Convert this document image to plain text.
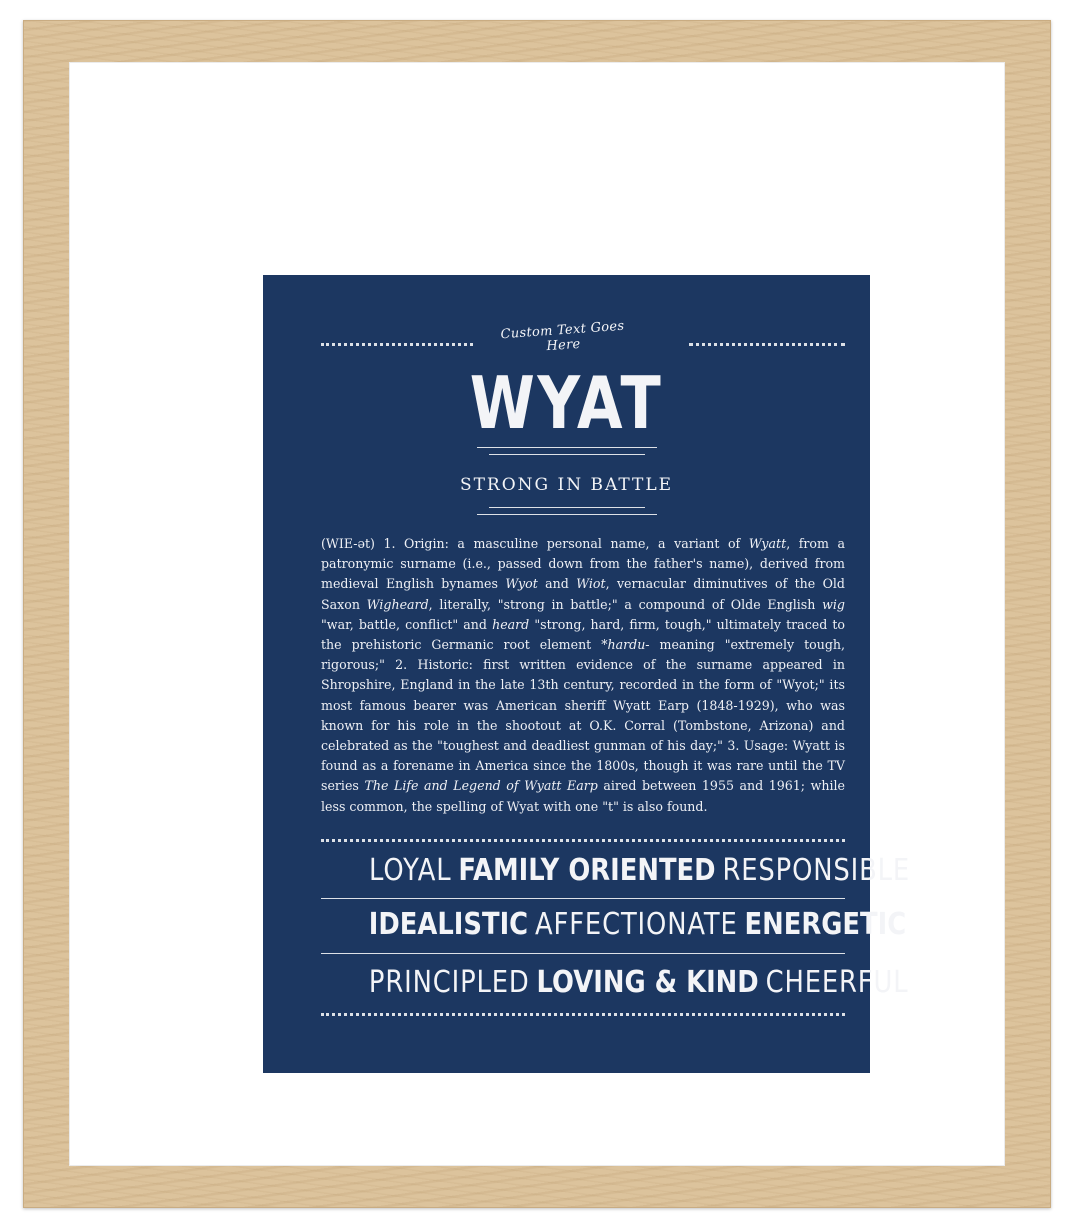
Custom Text Goes Here
WYAT
STRONG IN BATTLE
(WIE-ət) 1. Origin: a masculine personal name, a variant of Wyatt, from a patronymic surname (i.e., passed down from the father's name), derived from medieval English bynames Wyot and Wiot, vernacular diminutives of the Old Saxon Wigheard, literally, "strong in battle;" a compound of Olde English wig "war, battle, conflict" and heard "strong, hard, firm, tough," ultimately traced to the prehistoric Germanic root element *hardu- meaning "extremely tough, rigorous;" 2. Historic: first written evidence of the surname appeared in Shropshire, England in the late 13th century, recorded in the form of "Wyot;" its most famous bearer was American sheriff Wyatt Earp (1848-1929), who was known for his role in the shootout at O.K. Corral (Tombstone, Arizona) and celebrated as the "toughest and deadliest gunman of his day;" 3. Usage: Wyatt is found as a forename in America since the 1800s, though it was rare until the TV series The Life and Legend of Wyatt Earp aired between 1955 and 1961; while less common, the spelling of Wyat with one "t" is also found.
LOYAL FAMILY ORIENTED RESPONSIBLE
IDEALISTIC AFFECTIONATE ENERGETIC
PRINCIPLED LOVING & KIND CHEERFUL
